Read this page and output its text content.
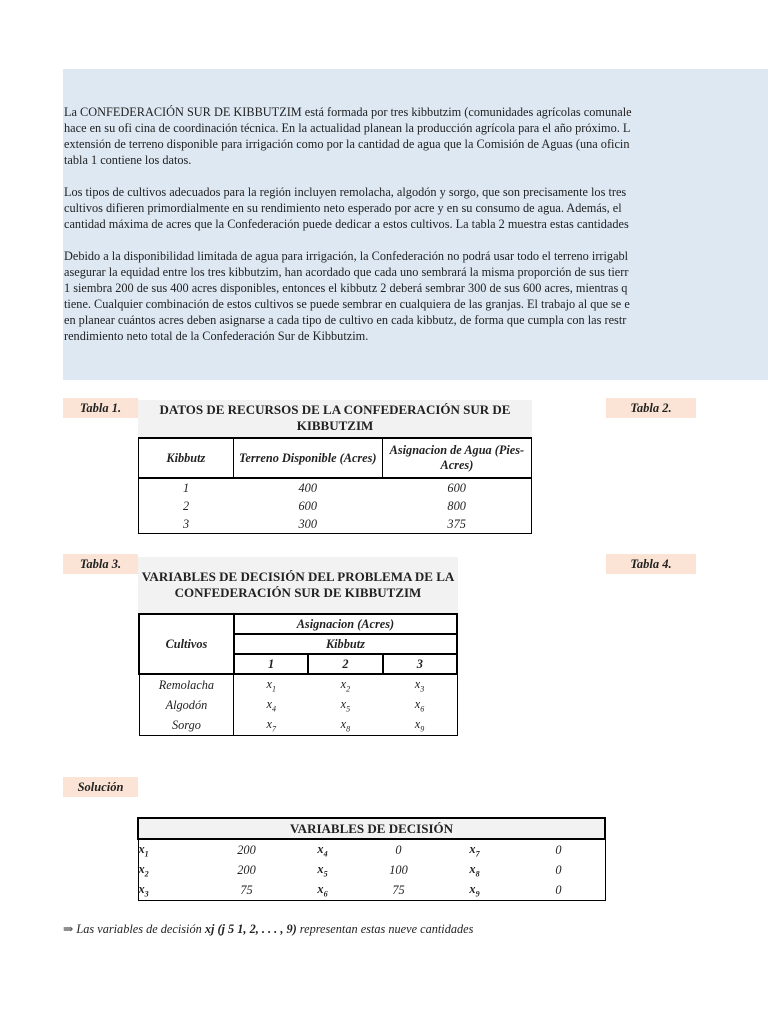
La CONFEDERACIÓN SUR DE KIBBUTZIM está formada por tres kibbutzim (comunidades agrícolas comunale
hace en su ofi cina de coordinación técnica. En la actualidad planean la producción agrícola para el año próximo. L
extensión de terreno disponible para irrigación como por la cantidad de agua que la Comisión de Aguas (una oficin
tabla 1 contiene los datos.

Los tipos de cultivos adecuados para la región incluyen remolacha, algodón y sorgo, que son precisamente los tres
cultivos difieren primordialmente en su rendimiento neto esperado por acre y en su consumo de agua. Además, el
cantidad máxima de acres que la Confederación puede dedicar a estos cultivos. La tabla 2 muestra estas cantidades

Debido a la disponibilidad limitada de agua para irrigación, la Confederación no podrá usar todo el terreno irrigabl
asegurar la equidad entre los tres kibbutzim, han acordado que cada uno sembrará la misma proporción de sus tierr
1 siembra 200 de sus 400 acres disponibles, entonces el kibbutz 2 deberá sembrar 300 de sus 600 acres, mientras q
tiene. Cualquier combinación de estos cultivos se puede sembrar en cualquiera de las granjas. El trabajo al que se e
en planear cuántos acres deben asignarse a cada tipo de cultivo en cada kibbutz, de forma que cumpla con las restr
rendimiento neto total de la Confederación Sur de Kibbutzim.

Tabla 1.	Tabla 2.
Tabla 3.	Tabla 4.
Solución
DATOS DE RECURSOS DE LA CONFEDERACIÓN SUR DE KIBBUTZIM
Kibbutz	Terreno Disponible (Acres)	Asignacion de Agua (Pies-Acres)
1	400	600
2	600	800
3	300	375
VARIABLES DE DECISIÓN DEL PROBLEMA DE LA CONFEDERACIÓN SUR DE KIBBUTZIM
Cultivos	Asignacion (Acres)		
	Kibbutz		
	1	2	3
Remolacha	$x_1$	$x_2$	$x_3$
Algodón	$x_4$	$x_5$	$x_6$
Sorgo	$x_7$	$x_8$	$x_9$
VARIABLES DE DECISIÓN					
$x_1$	200	$x_4$	0	$x_7$	0
$x_2$	200	$x_5$	100	$x_8$	0
$x_3$	75	$x_6$	75	$x_9$	0
⇒ Las variables de decisión xj (j 5 1, 2, . . . , 9) representan estas nueve cantidades
